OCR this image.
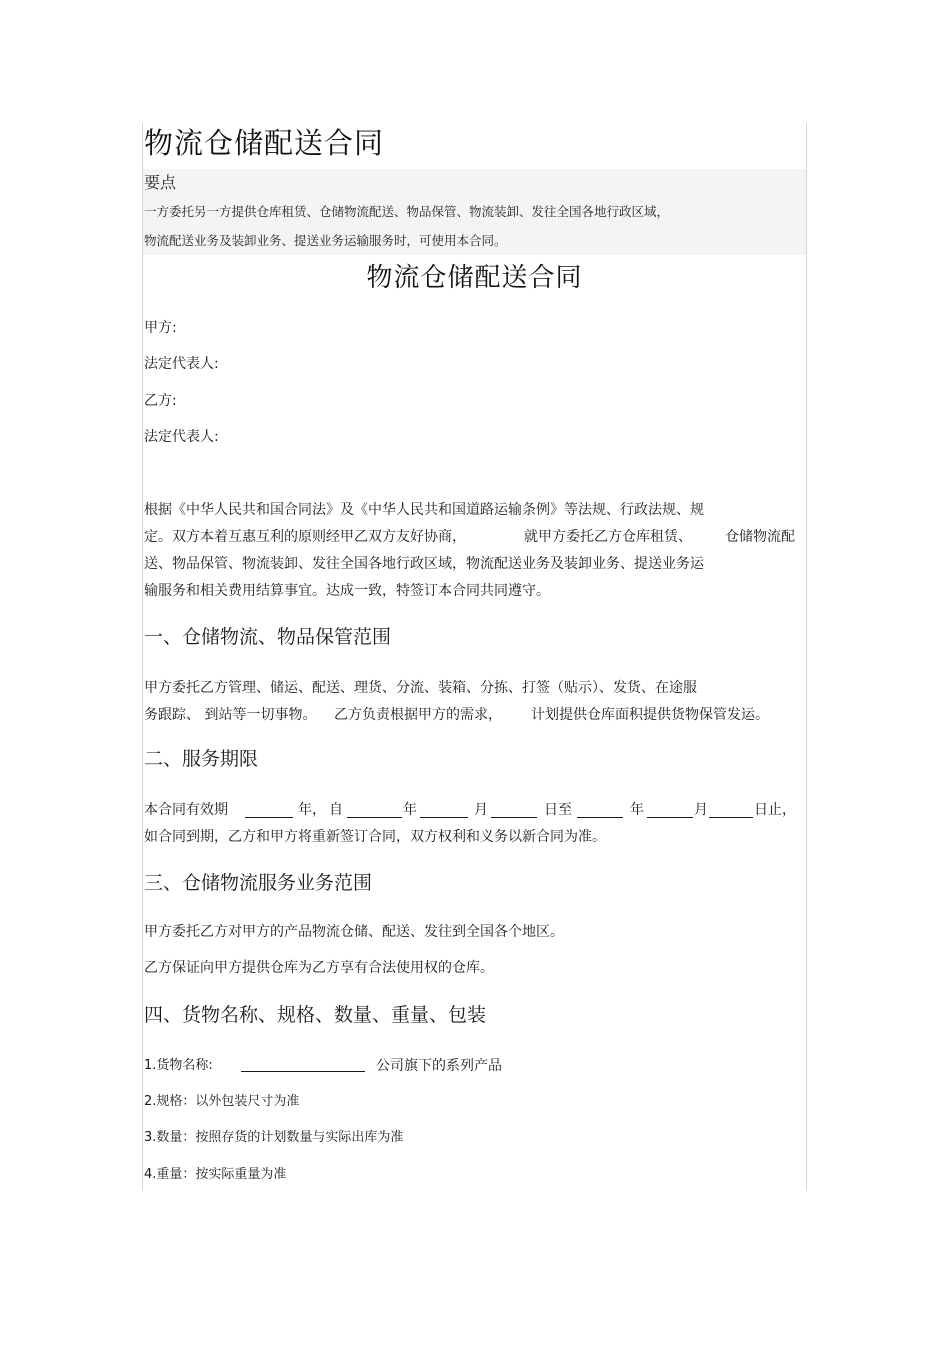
物流仓储配送合同
要点
一方委托另一方提供仓库租赁、仓储物流配送、物品保管、物流装卸、发往全国各地行政区域，
物流配送业务及装卸业务、提送业务运输服务时，可使用本合同。
物流仓储配送合同
甲方:
法定代表人:
乙方:
法定代表人:
根据《中华人民共和国合同法》及《中华人民共和国道路运输条例》等法规、行政法规、规
定。双方本着互惠互利的原则经甲乙双方友好协商，	就甲方委托乙方仓库租赁、 仓储物流配
送、物品保管、物流装卸、发往全国各地行政区域，物流配送业务及装卸业务、提送业务运
输服务和相关费用结算事宜。达成一致，特签订本合同共同遵守。
一、仓储物流、物品保管范围
甲方委托乙方管理、储运、配送、理货、分流、装箱、分拣、打签（贴示）、发货、在途服
务跟踪、 到站等一切事物。 乙方负责根据甲方的需求， 计划提供仓库面积提供货物保管发运。
二、服务期限
本合同有效期	年， 自	年	月	日至	年	月	日止，
如合同到期，乙方和甲方将重新签订合同，双方权利和义务以新合同为准。
三、仓储物流服务业务范围
甲方委托乙方对甲方的产品物流仓储、配送、发往到全国各个地区。
乙方保证向甲方提供仓库为乙方享有合法使用权的仓库。
四、货物名称、规格、数量、重量、包装
1.货物名称:	公司旗下的系列产品
2.规格：以外包装尺寸为准
3.数量：按照存货的计划数量与实际出库为准
4.重量：按实际重量为准
